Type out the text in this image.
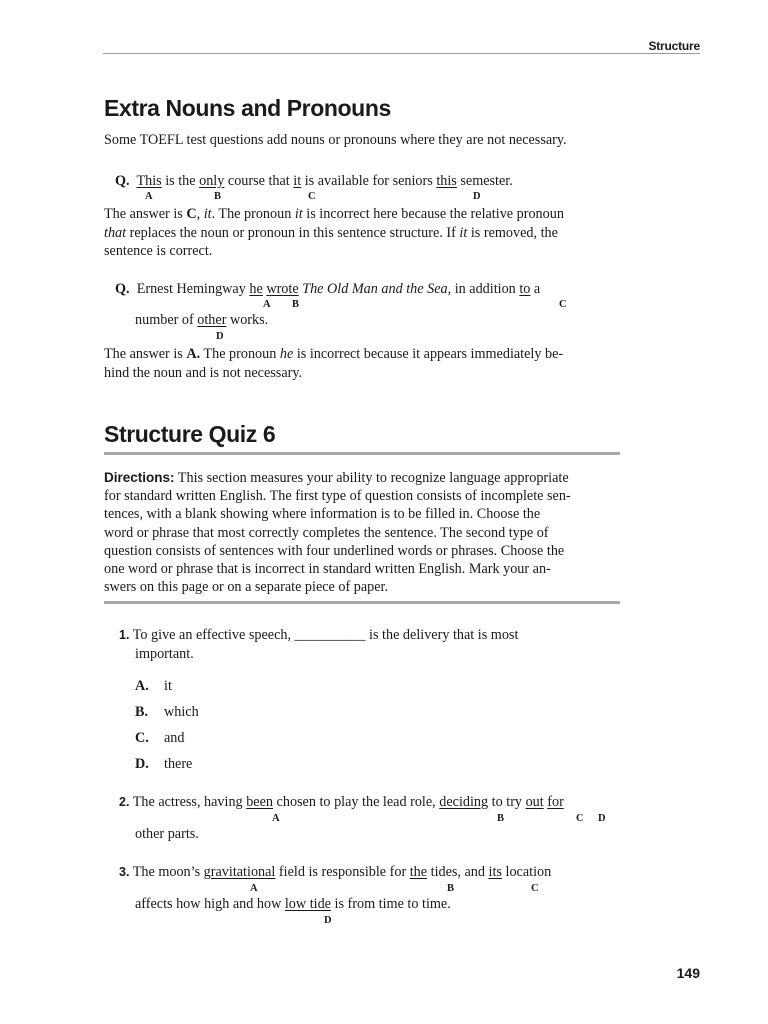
Structure
Extra Nouns and Pronouns

Some TOEFL test questions add nouns or pronouns where they are not necessary.

Q. This is the only course that it is available for seniors this semester.
A	B	C	D
The answer is C, it. The pronoun it is incorrect here because the relative pronoun
that replaces the noun or pronoun in this sentence structure. If it is removed, the
sentence is correct.
Q. Ernest Hemingway he wrote The Old Man and the Sea, in addition to a
A B	C
number of other works.
D
The answer is A. The pronoun he is incorrect because it appears immediately be-
hind the noun and is not necessary.
Structure Quiz 6
Directions: This section measures your ability to recognize language appropriate
for standard written English. The first type of question consists of incomplete sen-
tences, with a blank showing where information is to be filled in. Choose the
word or phrase that most correctly completes the sentence. The second type of
question consists of sentences with four underlined words or phrases. Choose the
one word or phrase that is incorrect in standard written English. Mark your an-
swers on this page or on a separate piece of paper.
1. To give an effective speech, __________ is the delivery that is most
important.
A. it
B. which
C. and
D. there
2. The actress, having been chosen to play the lead role, deciding to try out for
A	B	C D
other parts.
3. The moon’s gravitational field is responsible for the tides, and its location
A	B	C
affects how high and how low tide is from time to time.
D
149
